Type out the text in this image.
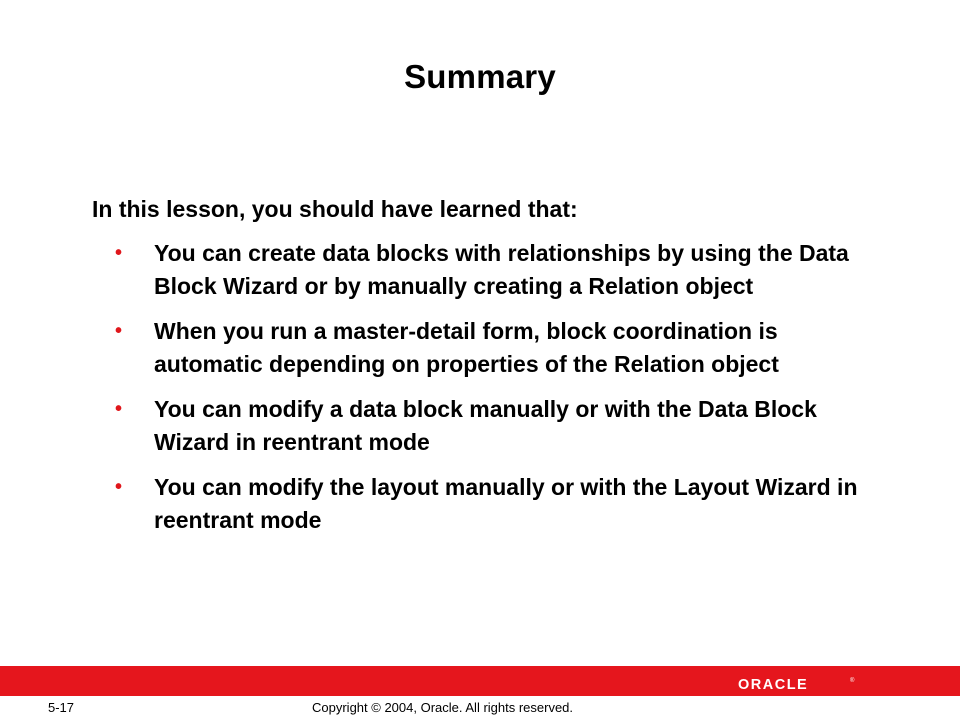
Summary
In this lesson, you should have learned that:
• You can create data blocks with relationships by using the Data Block Wizard or by manually creating a Relation object
• When you run a master-detail form, block coordination is automatic depending on properties of the Relation object
• You can modify a data block manually or with the Data Block Wizard in reentrant mode
• You can modify the layout manually or with the Layout Wizard in reentrant mode
ORACLE	®
5-17	Copyright © 2004, Oracle. All rights reserved.
